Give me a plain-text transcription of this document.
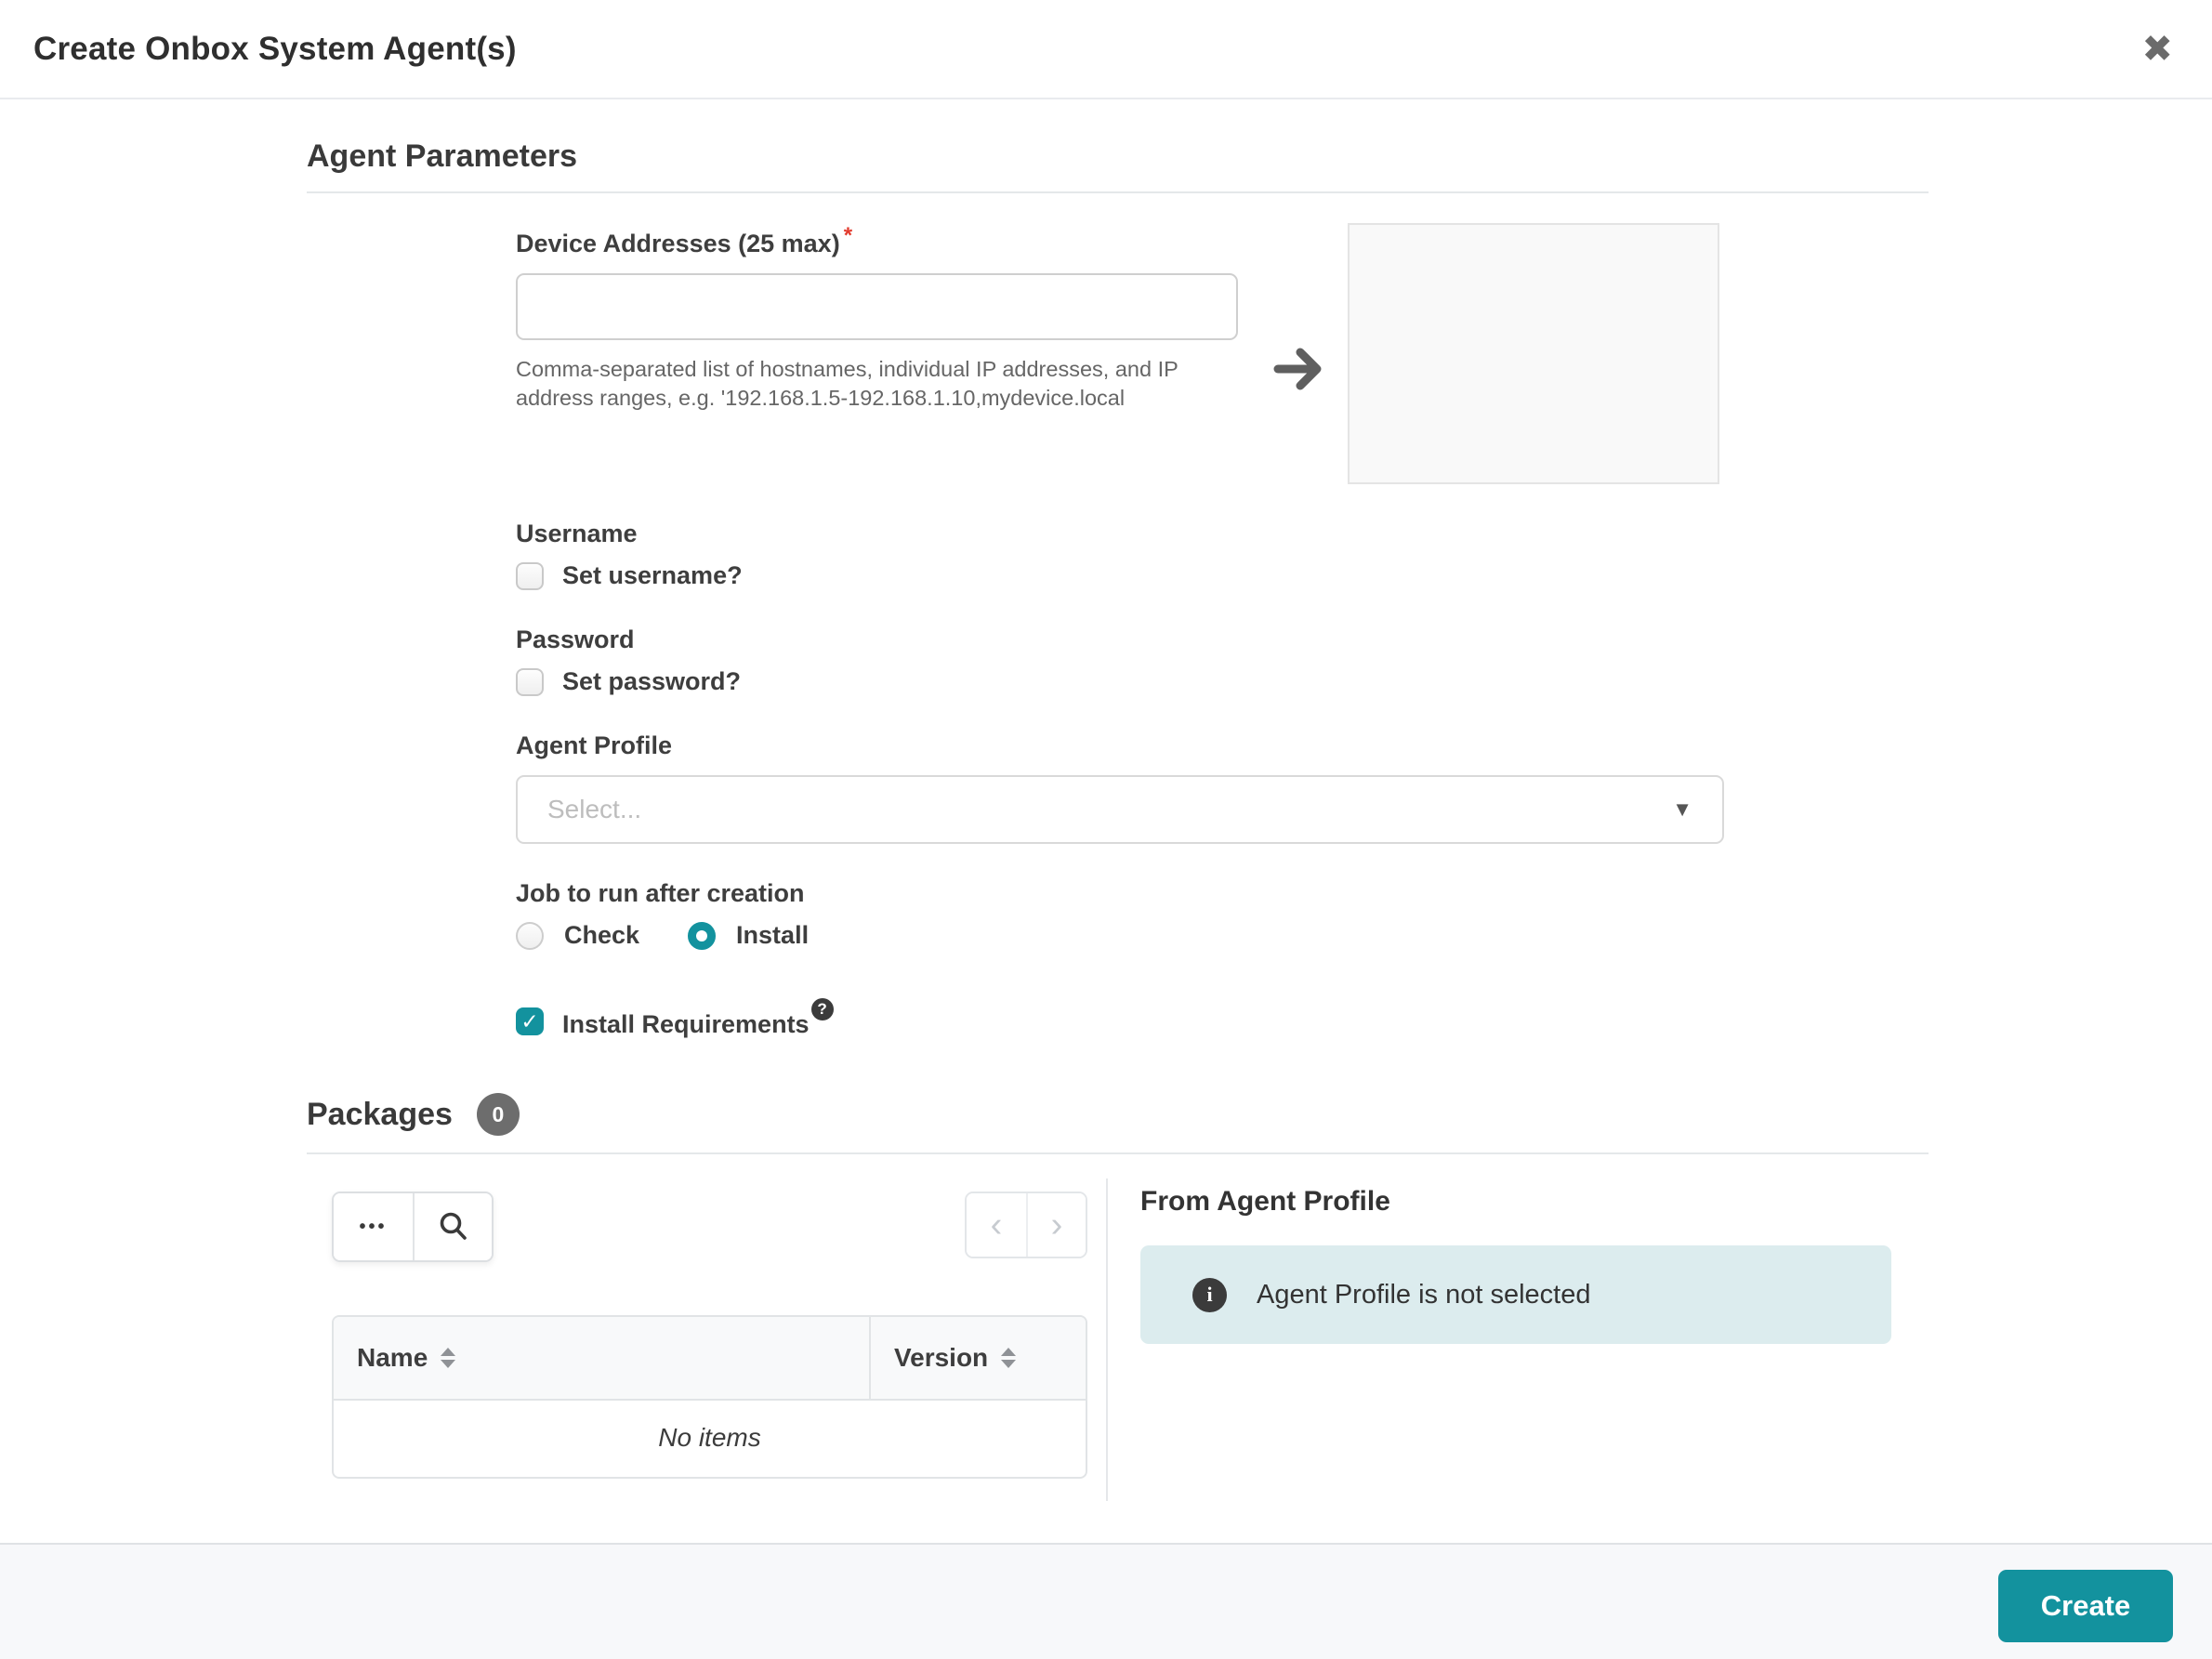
Create Onbox System Agent(s)	✖
Agent Parameters
Device Addresses (25 max) *
Comma-separated list of hostnames, individual IP addresses, and IP address ranges, e.g. '192.168.1.5-192.168.1.10,mydevice.local
Username
Set username?
Password
Set password?
Agent Profile
Select...	▼
Job to run after creation
Check	Install
✓ Install Requirements?
Packages	0
•••	‹	›
Name	Version
No items
From Agent Profile
i	Agent Profile is not selected
Create
